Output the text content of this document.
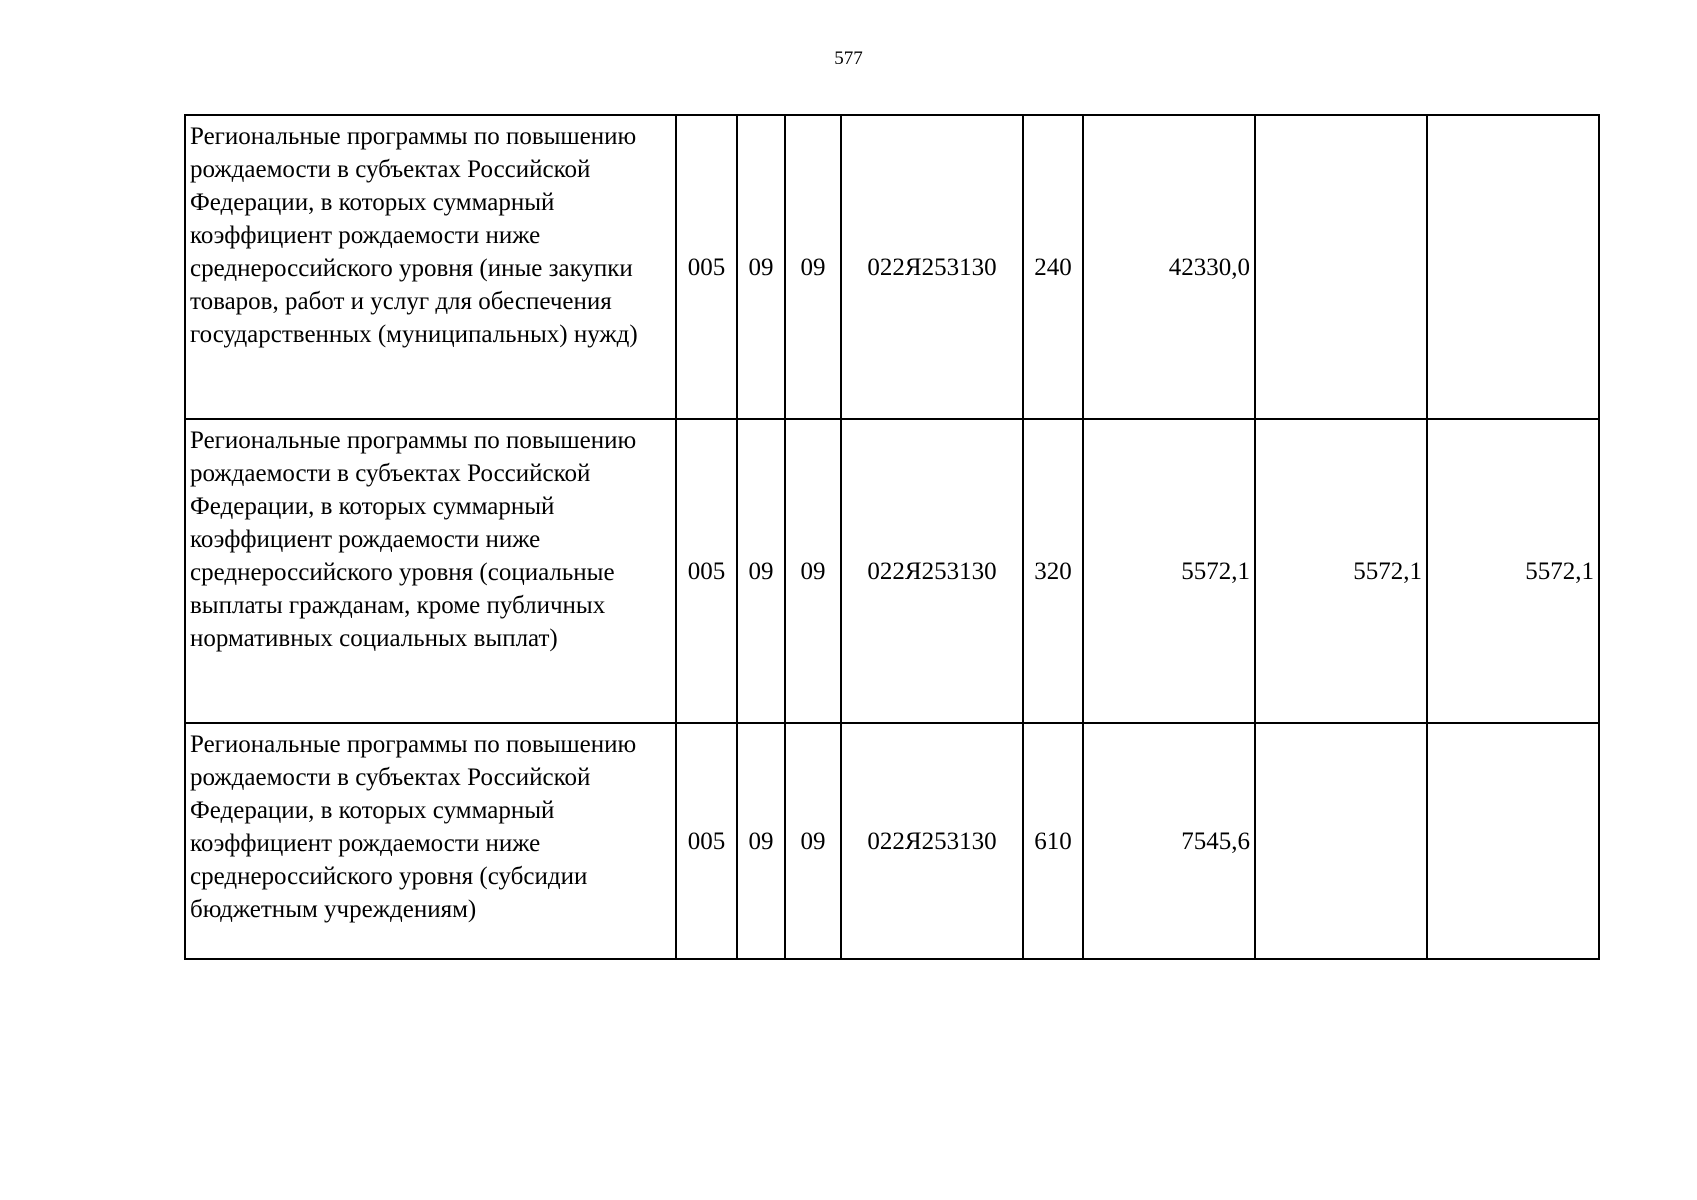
577
Региональные программы по повышению рождаемости в субъектах Российской Федерации, в которых суммарный коэффициент рождаемости ниже среднероссийского уровня (иные закупки товаров, работ и услуг для обеспечения государственных (муниципальных) нужд)	005	09	09	022Я253130	240	42330,0		
Региональные программы по повышению рождаемости в субъектах Российской Федерации, в которых суммарный коэффициент рождаемости ниже среднероссийского уровня (социальные выплаты гражданам, кроме публичных нормативных социальных выплат)	005	09	09	022Я253130	320	5572,1	5572,1	5572,1
Региональные программы по повышению рождаемости в субъектах Российской Федерации, в которых суммарный коэффициент рождаемости ниже среднероссийского уровня (субсидии бюджетным учреждениям)	005	09	09	022Я253130	610	7545,6		
